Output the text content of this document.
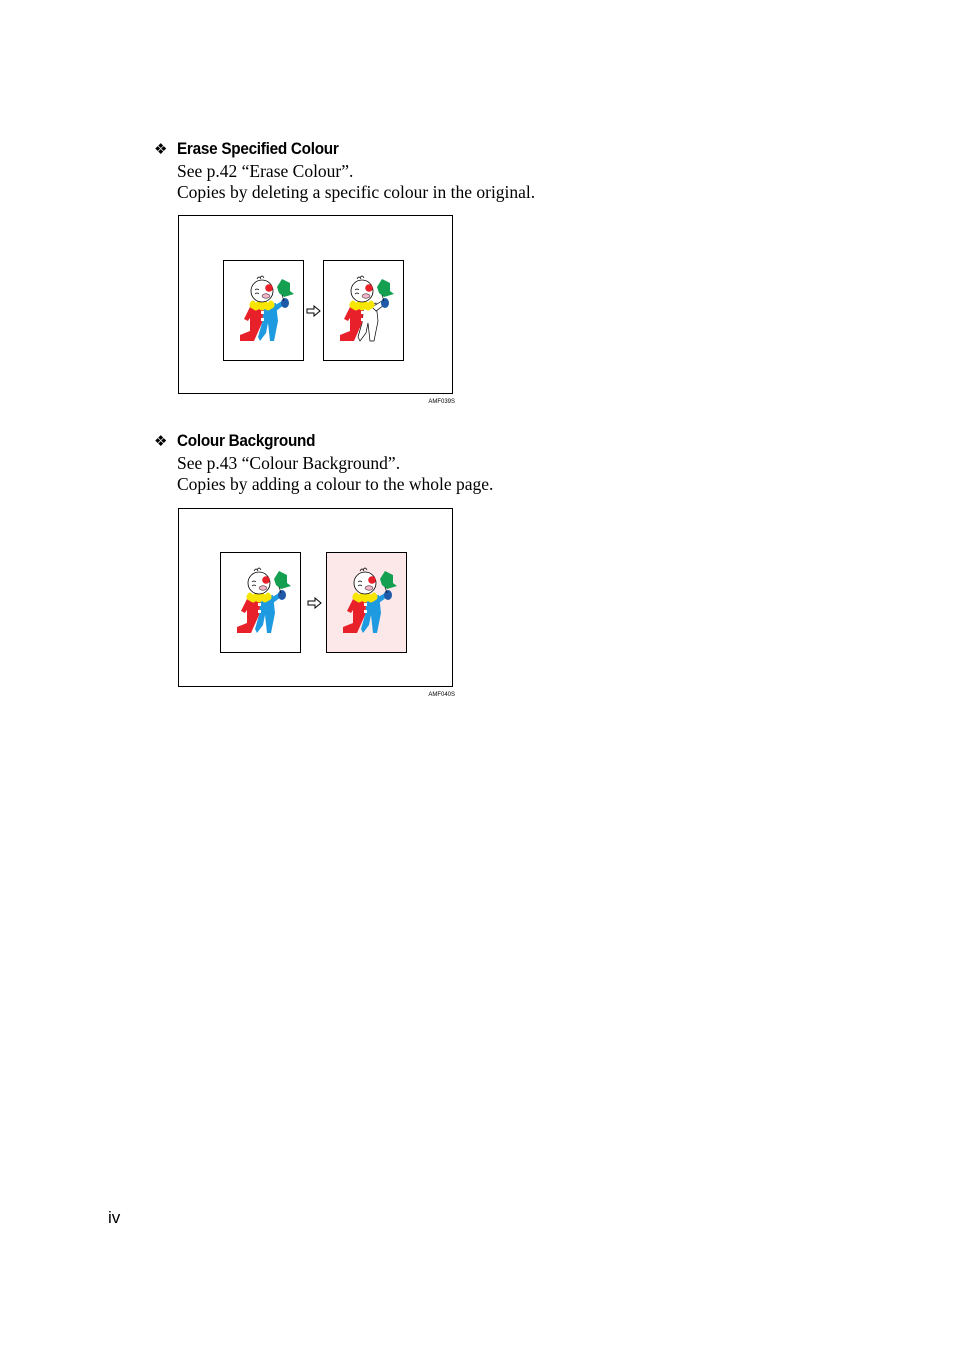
❖ Erase Specified Colour
See p.42 “Erase Colour”.
Copies by deleting a specific colour in the original.
AMF039S
❖ Colour Background
See p.43 “Colour Background”.
Copies by adding a colour to the whole page.
AMF040S
iv
